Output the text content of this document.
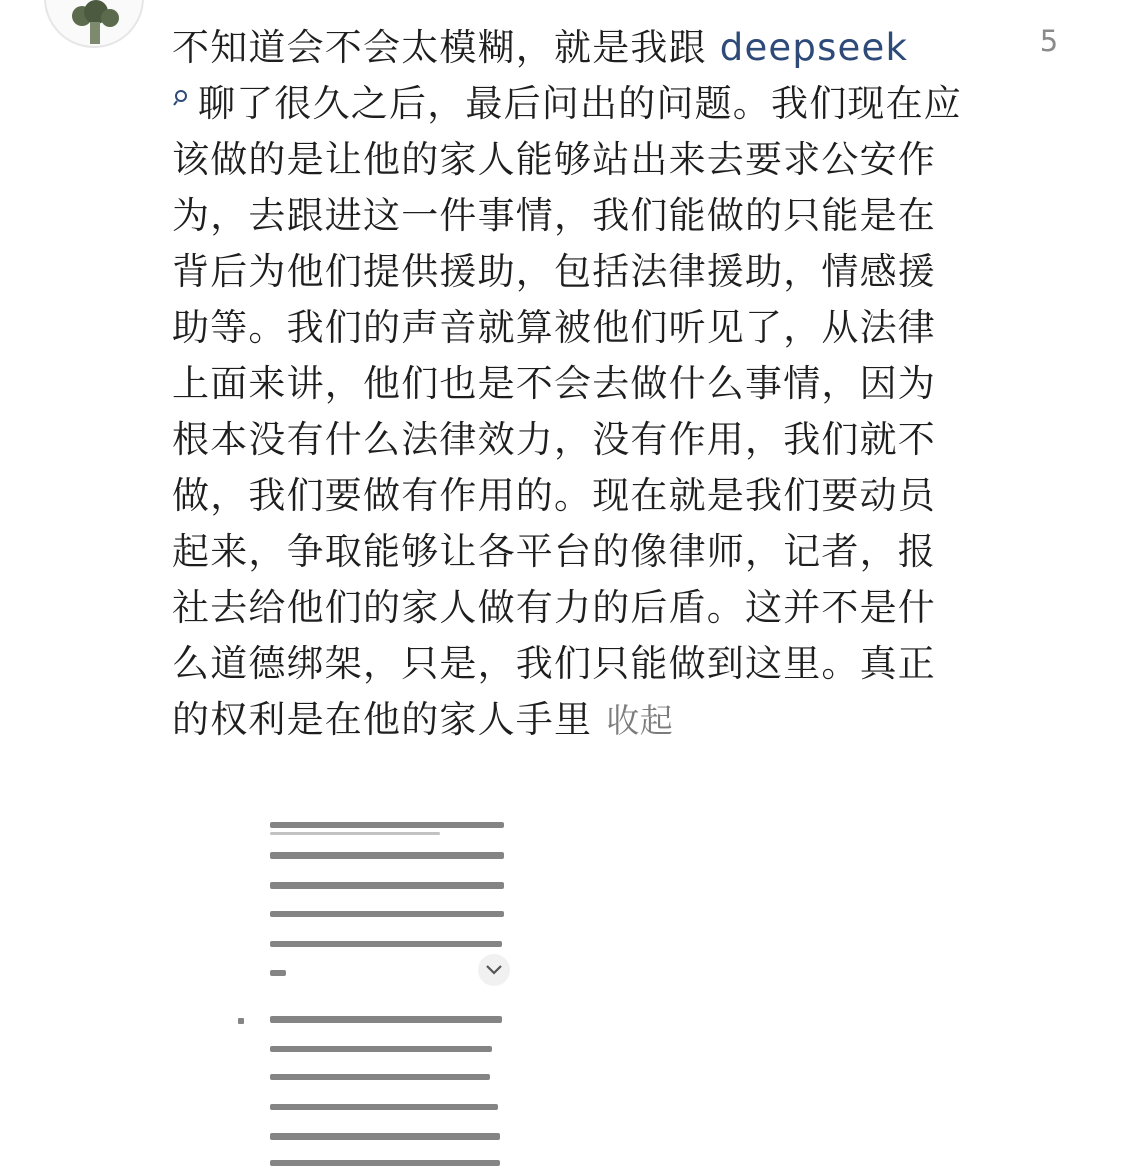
5

不知道会不会太模糊，就是我跟 deepseek
聊了很久之后，最后问出的问题。我们现在应该做的是让他的家人能够站出来去要求公安作为，去跟进这一件事情，我们能做的只能是在背后为他们提供援助，包括法律援助，情感援助等。我们的声音就算被他们听见了，从法律上面来讲，他们也是不会去做什么事情，因为根本没有什么法律效力，没有作用，我们就不做，我们要做有作用的。现在就是我们要动员起来，争取能够让各平台的像律师，记者，报社去给他们的家人做有力的后盾。这并不是什么道德绑架，只是，我们只能做到这里。真正的权利是在他的家人手里 收起
